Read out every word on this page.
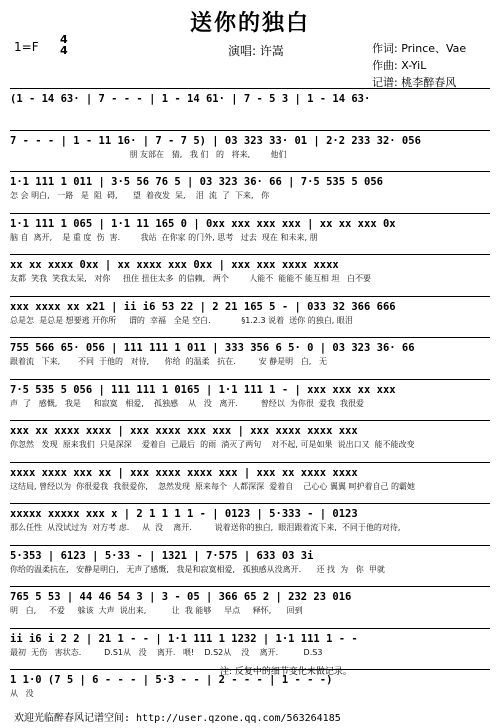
送你的独白
1=F
4
4	演唱: 许嵩	作词: Prince、Vae
作曲: X-YiL
记谱: 桃李醉春风
(1 - 14 63· | 7 - - - | 1 - 14 61· | 7 - 5 3 | 1 - 14 63·
7 - - - | 1 - 11 16· | 7 - 7 5) | 03 323 33· 01 | 2·2 233 32· 056
朋 友部在   猜,   我 们   的   将来,        他们
1·1 111 1 011 | 3·5 56 76 5 | 03 323 36· 66 | 7·5 535 5 056
怎 会 明白,   一路   是  阻  碍,      望  着夜发  呆,    泪  流  了  下来,   你
1·1 111 1 065 | 1·1 11 165 0 | 0xx xxx xxx xxx | xx xx xxx 0x
脑 自  离开,    是 重 度  伤  害.        我站  在你家 的门外, 思考   过去  现在 和未来, 朋
xx xx xxxx 0xx | xx xxxx xxx 0xx | xxx xxx xxxx xxxx
友都  笑我  笑我太呆,   对你     扭住 扭住太多  的信赖,   两个        人能不  能能不 能互相 坦   白不要
xxx xxxx xx x21 | ii i6 53 22 | 2 21 165 5 - | 033 32 366 666
总是怎  是总是 想要逃 开你所     谓的  幸福   全是 空白.            §1.2.3 说着  送你 的独白, 眼泪
755 566 65· 056 | 111 111 1 011 | 333 356 6 5· 0 | 03 323 36· 66
跟着流   下来,       不同  于他的   对待,      你给  的温柔   抗在.         安 静是明   白,   无
7·5 535 5 056 | 111 111 1 0165 | 1·1 111 1 - | xxx xxx xx xxx
声  了   感慨,   我是     和寂寞   相爱,    孤独感    从   没   离开.         曾经以  为你很  爱我  我很爱
xxx xx xxxx xxxx | xxx xxxx xxx xxx | xxx xxxx xxxx xxx
你忽然   发现  原来我们  只是深深    爱着自  己最后  的雨  淌灭了两句    对不起, 可是如果  说出口又  能不能改变
xxxx xxxx xxx xx | xxx xxxx xxxx xxx | xxx xx xxxx xxxx
这结局, 曾经以为  你很爱我  我很爱你,    忽然发现  原来每个  人都深深  爱着自    己心心 翼翼 呵护着自己 的霸她
xxxxx xxxxx xxx x | 2 1 1 1 1 - | 0123 | 5·333 - | 0123
那么任性  从没试过为  对方考 虑.     从  没    离开.         说着送你的独白,  眼泪跟着流下来,  不同于他的对待,
5·353 | 6123 | 5·33 - | 1321 | 7·575 | 633 03 3i
你给的温柔抗在,   安静是明白,   无声了感慨,   我是和寂寞相爱,   孤独感从没离开.      还 找  为   你  甲就
765 5 53 | 44 46 54 3 | 3 - 05 | 366 65 2 | 232 23 016
明   白,     不爱     躲该  大声  说出来,          让  我 能够     早点     释怀,      回到
ii i6 i 2 2 | 21 1 - - | 1·1 111 1 1232 | 1·1 111 1 - -
最初  无伤   害状态.         D.S1从   没    离开.   喂!    D.S2从    没    离开.          D.S3
1 1·0 (7 5 | 6 - - - | 5·3 - - | 2 - - - | 1 - - -)
从   没
注: 反复中的细节变化未做记录。
欢迎光临醉春风记谱空间: http://user.qzone.qq.com/563264185
